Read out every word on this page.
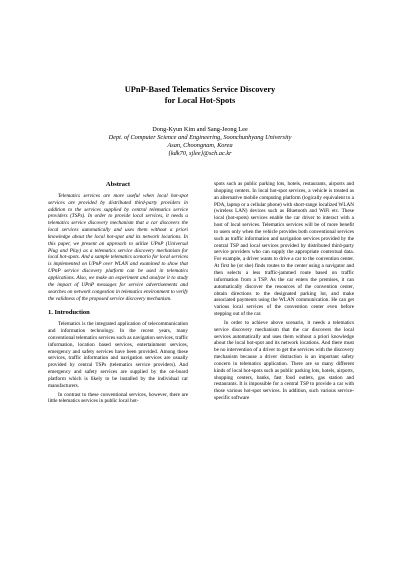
UPnP-Based Telematics Service Discovery
for Local Hot-Spots
Dong-Kyun Kim and Sang-Jeong Lee
Dept. of Computer Science and Engineering, Soonchunhyang University
Asan, Choongnam, Korea
{kdk70, sjlee}@sch.ac.kr
Abstract

Telematics services are more useful when local hot-spot services are provided by distributed third-party providers in addition to the services supplied by central telematics service providers (TSPs). In order to provide local services, it needs a telematics service discovery mechanism that a car discovers the local services automatically and uses them without a priori knowledge about the local hot-spot and its network locations. In this paper, we present an approach to utilize UPnP (Universal Plug and Play) as a telematics service discovery mechanism for local hot-spots. And a sample telematics scenario for local services is implemented on UPnP over WLAN and examined to show that UPnP service discovery platform can be used in telematics applications. Also, we make an experiment and analyze it to study the impact of UPnP messages for service advertisements and searches on network congestion in telematics environment to verify the validness of the proposed service discovery mechanism.

1. Introduction

Telematics is the integrated application of telecommunication and information technology. In the recent years, many conventional telematics services such as navigation services, traffic information, location based services, entertainment services, emergency and safety services have been provided. Among these services, traffic information and navigation services are usually provided by central TSPs (telematics service providers). And emergency and safety services are supplied by the on-board platform which is likely to be installed by the individual car manufacturers.

In contrast to these conventional services, however, there are little telematics services in public local hot-

spots such as public parking lots, hotels, restaurants, airports and shopping centers. In local hot-spot services, a vehicle is treated as an alternative mobile computing platform (logically equivalent to a PDA, laptop or a cellular phone) with short-range localized WLAN (wireless LAN) devices such as Bluetooth and WiFi etc. These local (hot-spots) services enable the car driver to interact with a host of local services. Telematics services will be of more benefit to users only when the vehicle provides both conventional services such as traffic information and navigation services provided by the central TSP and local services provided by distributed third-party service providers who can supply the appropriate contextual data. For example, a driver wants to drive a car to the convention center. At first he (or she) finds routes to the center using a navigator and then selects a less traffic-jammed route based on traffic information from a TSP. As the car enters the premises, it can automatically discover the resources of the convention center, obtain directions to the designated parking lot, and make associated payments using the WLAN communication. He can get various local services of the convention center even before stepping out of the car.

In order to achieve above scenario, it needs a telematics service discovery mechanism that the car discovers the local services automatically and uses them without a priori knowledge about the local hot-spot and its network locations. And there must be no intervention of a driver to get the services with the discovery mechanism because a driver distraction is an important safety concern in telematics application. There are so many different kinds of local hot-spots such as public parking lots, hotels, airports, shopping centers, banks, fast food outlets, gas station and restaurants. It is impossible for a central TSP to provide a car with those various hot-spot services. In addition, such various service-specific software
